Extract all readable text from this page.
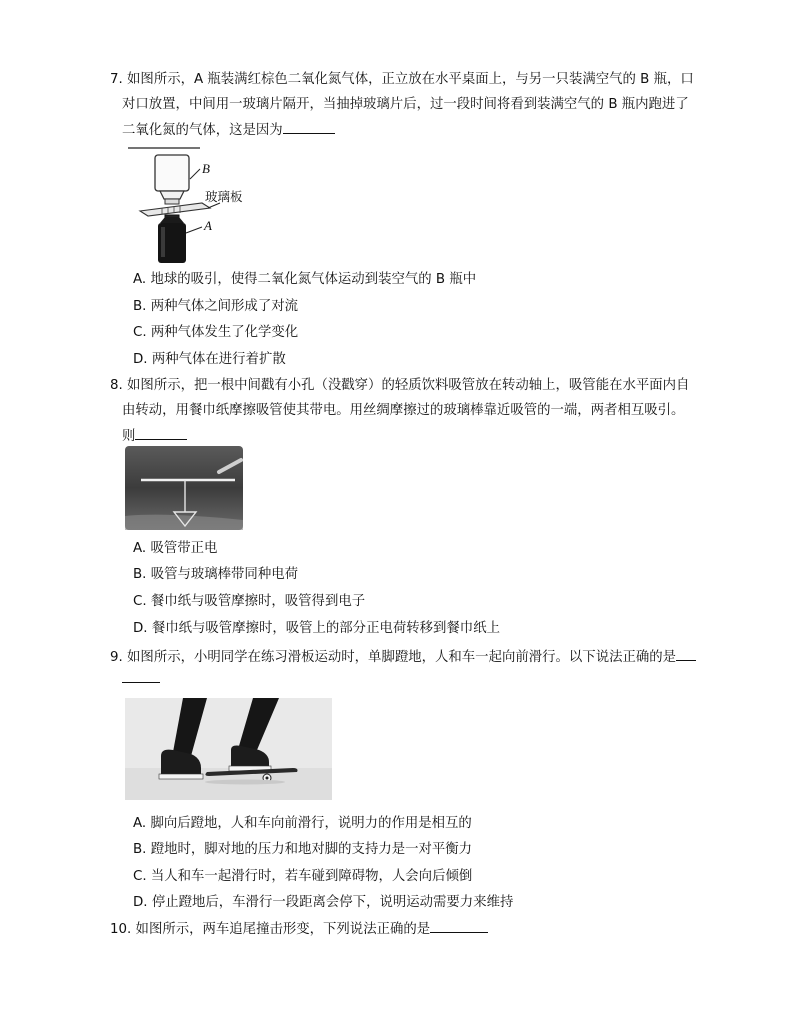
7. 如图所示，A 瓶装满红棕色二氧化氮气体，正立放在水平桌面上，与另一只装满空气的 B 瓶，口
对口放置，中间用一玻璃片隔开，当抽掉玻璃片后，过一段时间将看到装满空气的 B 瓶内跑进了
二氧化氮的气体，这是因为
B
玻璃板
A
A. 地球的吸引，使得二氧化氮气体运动到装空气的 B 瓶中
B. 两种气体之间形成了对流
C. 两种气体发生了化学变化
D. 两种气体在进行着扩散
8. 如图所示，把一根中间戳有小孔（没戳穿）的轻质饮料吸管放在转动轴上，吸管能在水平面内自
由转动，用餐巾纸摩擦吸管使其带电。用丝绸摩擦过的玻璃棒靠近吸管的一端，两者相互吸引。
则
A. 吸管带正电
B. 吸管与玻璃棒带同种电荷
C. 餐巾纸与吸管摩擦时，吸管得到电子
D. 餐巾纸与吸管摩擦时，吸管上的部分正电荷转移到餐巾纸上
9. 如图所示，小明同学在练习滑板运动时，单脚蹬地，人和车一起向前滑行。以下说法正确的是
A. 脚向后蹬地，人和车向前滑行，说明力的作用是相互的
B. 蹬地时，脚对地的压力和地对脚的支持力是一对平衡力
C. 当人和车一起滑行时，若车碰到障碍物，人会向后倾倒
D. 停止蹬地后，车滑行一段距离会停下，说明运动需要力来维持
10. 如图所示，两车追尾撞击形变，下列说法正确的是
